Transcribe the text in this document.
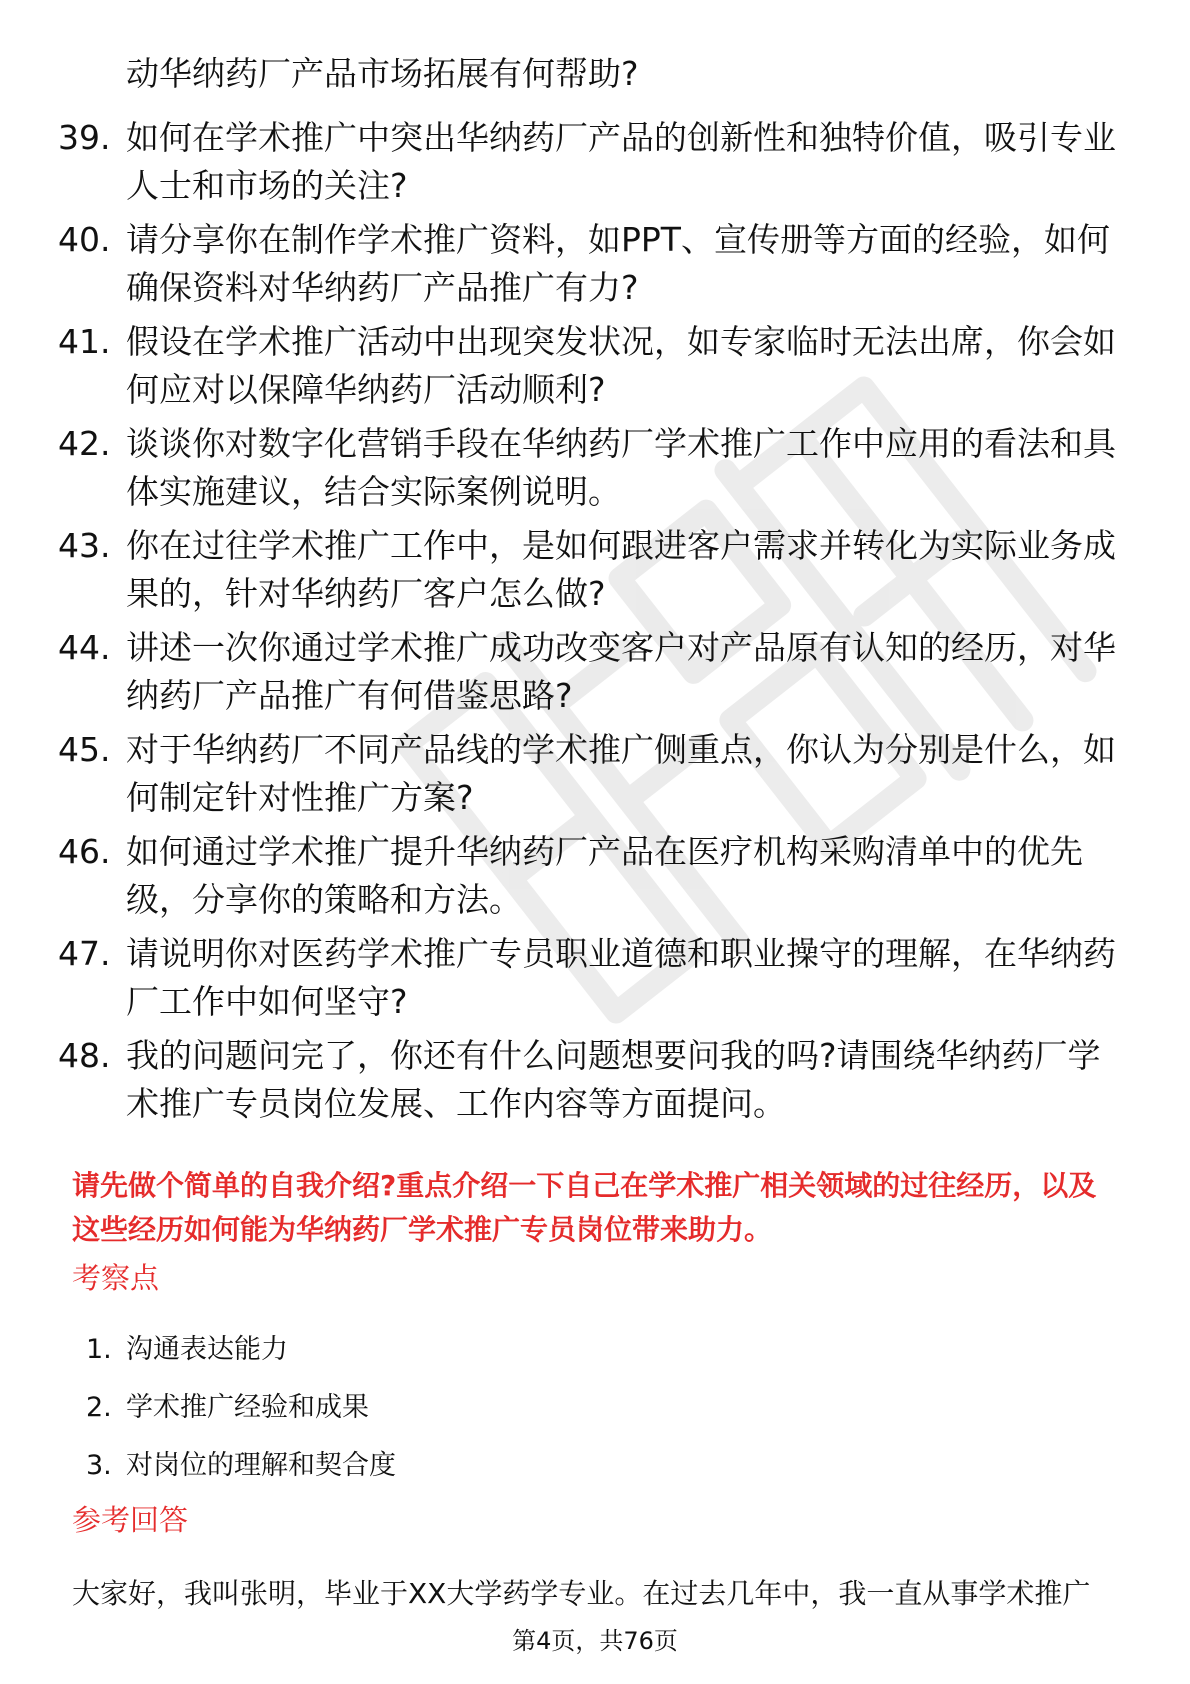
动华纳药厂产品市场拓展有何帮助?
39. 如何在学术推广中突出华纳药厂产品的创新性和独特价值，吸引专业人士和市场的关注?
40. 请分享你在制作学术推广资料，如PPT、宣传册等方面的经验，如何确保资料对华纳药厂产品推广有力?
41. 假设在学术推广活动中出现突发状况，如专家临时无法出席，你会如何应对以保障华纳药厂活动顺利?
42. 谈谈你对数字化营销手段在华纳药厂学术推广工作中应用的看法和具体实施建议，结合实际案例说明。
43. 你在过往学术推广工作中，是如何跟进客户需求并转化为实际业务成果的，针对华纳药厂客户怎么做?
44. 讲述一次你通过学术推广成功改变客户对产品原有认知的经历，对华纳药厂产品推广有何借鉴思路?
45. 对于华纳药厂不同产品线的学术推广侧重点，你认为分别是什么，如何制定针对性推广方案?
46. 如何通过学术推广提升华纳药厂产品在医疗机构采购清单中的优先级，分享你的策略和方法。
47. 请说明你对医药学术推广专员职业道德和职业操守的理解，在华纳药厂工作中如何坚守?
48. 我的问题问完了，你还有什么问题想要问我的吗?请围绕华纳药厂学术推广专员岗位发展、工作内容等方面提问。
请先做个简单的自我介绍?重点介绍一下自己在学术推广相关领域的过往经历，以及这些经历如何能为华纳药厂学术推广专员岗位带来助力。
考察点
1. 沟通表达能力
2. 学术推广经验和成果
3. 对岗位的理解和契合度
参考回答
大家好，我叫张明，毕业于XX大学药学专业。在过去几年中，我一直从事学术推广
第4页，共76页
